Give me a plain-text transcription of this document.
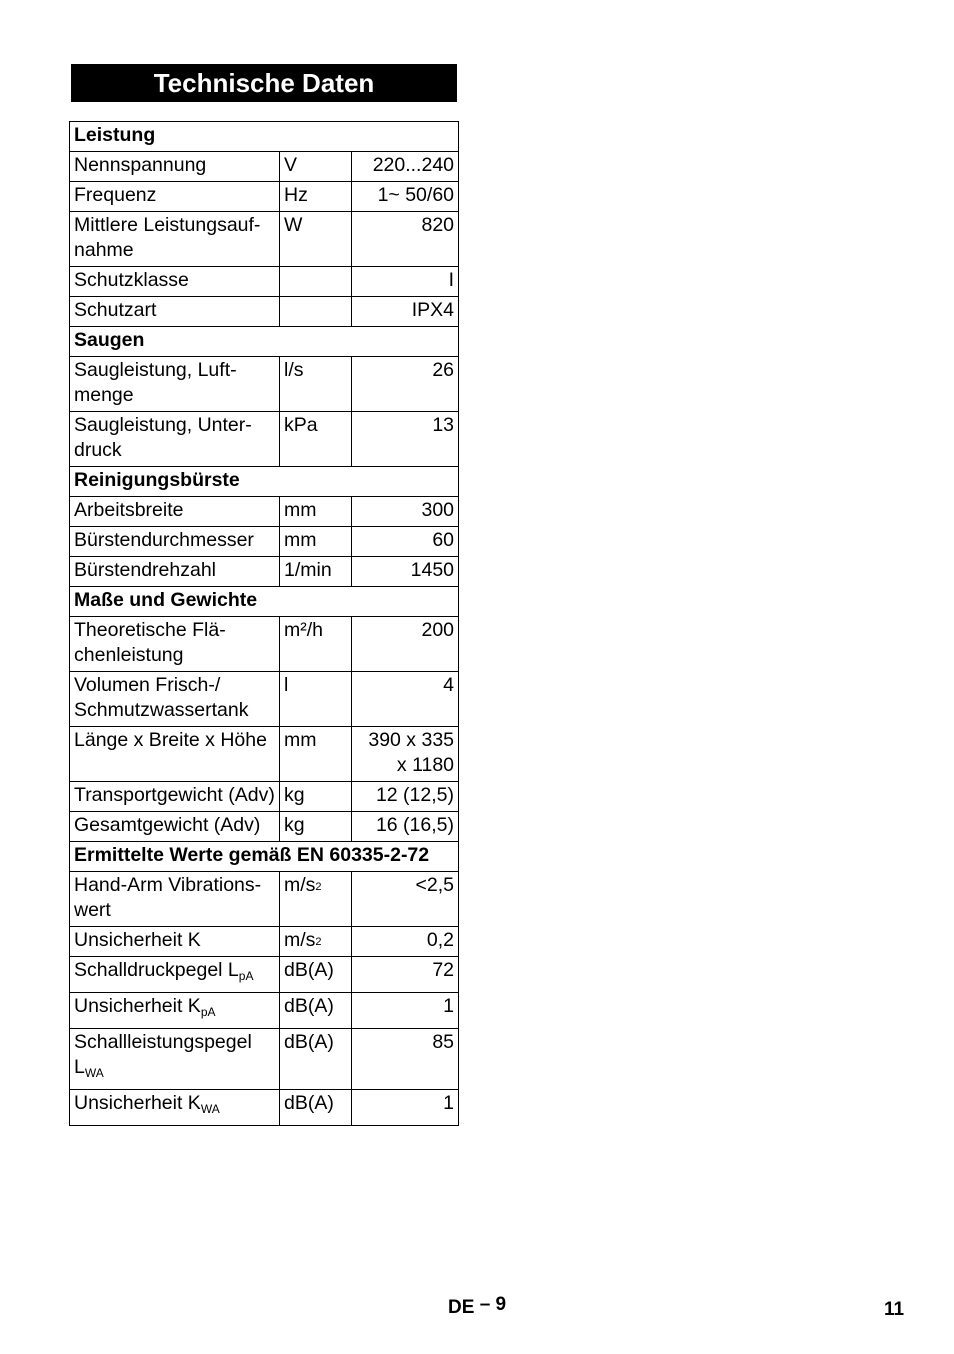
Technische Daten
Leistung		
Nennspannung	V	220...240
Frequenz	Hz	1~ 50/60
Mittlere Leistungsauf- nahme	W	820
Schutzklasse		I
Schutzart		IPX4
Saugen		
Saugleistung, Luft- menge	l/s	26
Saugleistung, Unter- druck	kPa	13
Reinigungsbürste		
Arbeitsbreite	mm	300
Bürstendurchmesser	mm	60
Bürstendrehzahl	1/min	1450
Maße und Gewichte		
Theoretische Flä- chenleistung	m²/h	200
Volumen Frisch-/ Schmutzwassertank	l	4
Länge x Breite x Höhe	mm	390 x 335 x 1180
Transportgewicht (Adv)	kg	12 (12,5)
Gesamtgewicht (Adv)	kg	16 (16,5)
Ermittelte Werte gemäß EN 60335-2-72		
Hand-Arm Vibrations- wert	$m/s^2$	<2,5
Unsicherheit K	$m/s^2$	0,2
Schalldruckpegel $L_{pA}$	dB(A)	72
Unsicherheit $K_{pA}$	dB(A)	1
Schallleistungspegel $L_{WA}$	dB(A)	85
Unsicherheit $K_{WA}$	dB(A)	1
DE – 9	11
